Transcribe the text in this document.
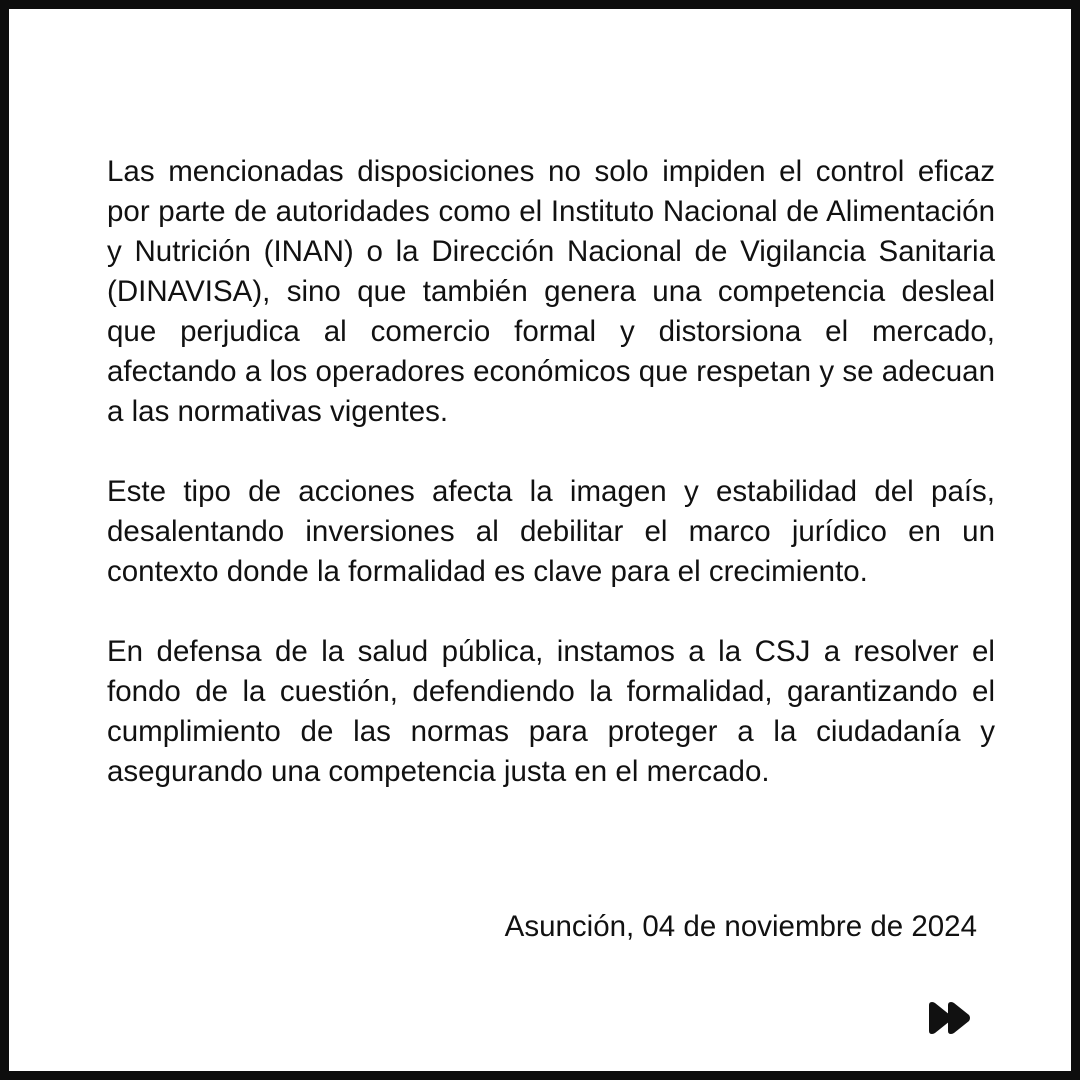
Las mencionadas disposiciones no solo impiden el control eficaz por parte de autoridades como el Instituto Nacional de Alimentación y Nutrición (INAN) o la Dirección Nacional de Vigilancia Sanitaria (DINAVISA), sino que también genera una competencia desleal que perjudica al comercio formal y distorsiona el mercado, afectando a los operadores económicos que respetan y se adecuan a las normativas vigentes.

Este tipo de acciones afecta la imagen y estabilidad del país, desalentando inversiones al debilitar el marco jurídico en un contexto donde la formalidad es clave para el crecimiento.

En defensa de la salud pública, instamos a la CSJ a resolver el fondo de la cuestión, defendiendo la formalidad, garantizando el cumplimiento de las normas para proteger a la ciudadanía y asegurando una competencia justa en el mercado.

Asunción, 04 de noviembre de 2024
